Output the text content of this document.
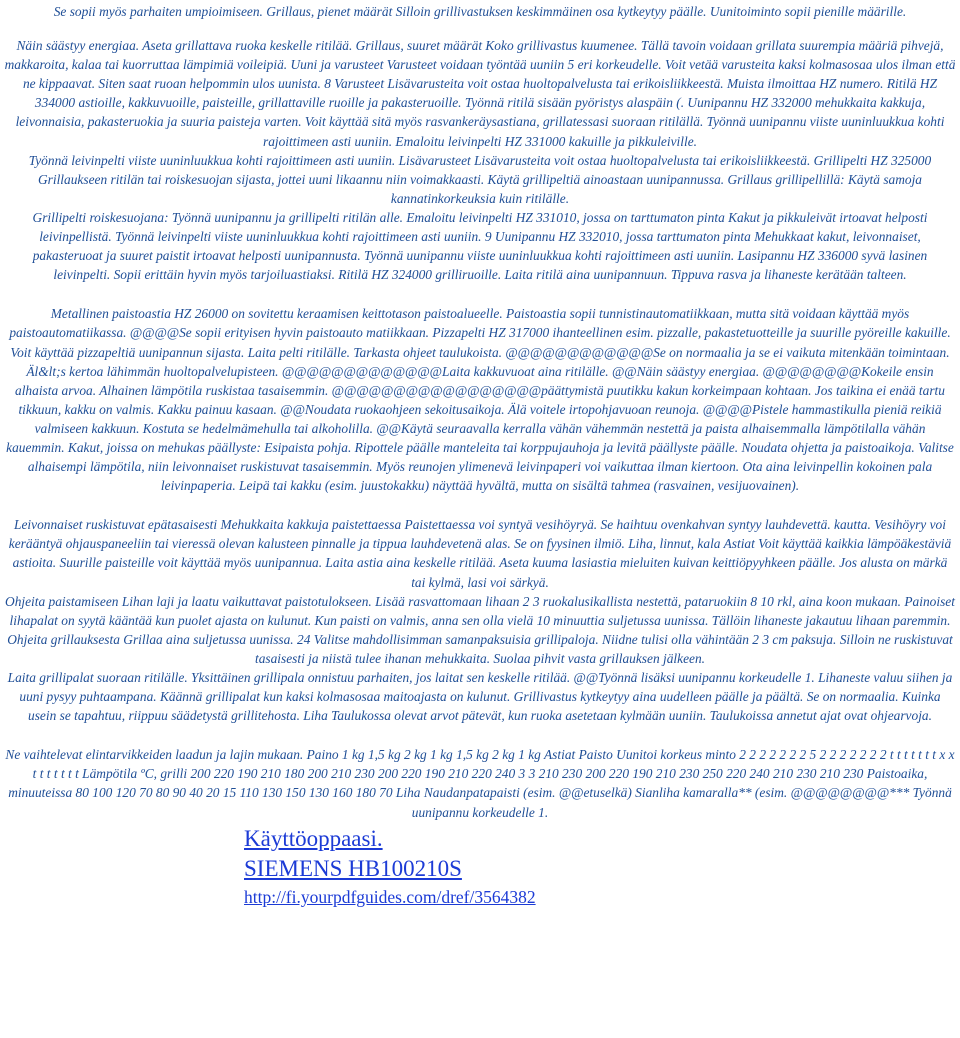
Se sopii myös parhaiten umpioimiseen. Grillaus, pienet määrät Silloin grillivastuksen keskimmäinen osa kytkeytyy päälle. Uunitoiminto sopii pienille määrille.

Näin säästyy energiaa. Aseta grillattava ruoka keskelle ritilää. Grillaus, suuret määrät Koko grillivastus kuumenee. Tällä tavoin voidaan grillata suurempia määriä pihvejä, makkaroita, kalaa tai kuorruttaa lämpimiä voileipiä. Uuni ja varusteet Varusteet voidaan työntää uuniin 5 eri korkeudelle. Voit vetää varusteita kaksi kolmasosaa ulos ilman että ne kippaavat. Siten saat ruoan helpommin ulos uunista. 8 Varusteet Lisävarusteita voit ostaa huoltopalvelusta tai erikoisliikkeestä. Muista ilmoittaa HZ numero. Ritilä HZ 334000 astioille, kakkuvuoille, paisteille, grillattaville ruoille ja pakasteruoille. Työnnä ritilä sisään pyöristys alaspäin (. Uunipannu HZ 332000 mehukkaita kakkuja, leivonnaisia, pakasteruokia ja suuria paisteja varten. Voit käyttää sitä myös rasvankeräysastiana, grillatessasi suoraan ritilällä. Työnnä uunipannu viiste uuninluukkua kohti rajoittimeen asti uuniin. Emaloitu leivinpelti HZ 331000 kakuille ja pikkuleiville.

Työnnä leivinpelti viiste uuninluukkua kohti rajoittimeen asti uuniin. Lisävarusteet Lisävarusteita voit ostaa huoltopalvelusta tai erikoisliikkeestä. Grillipelti HZ 325000 Grillaukseen ritilän tai roiskesuojan sijasta, jottei uuni likaannu niin voimakkaasti. Käytä grillipeltiä ainoastaan uunipannussa. Grillaus grillipellillä: Käytä samoja kannatinkorkeuksia kuin ritilälle.

Grillipelti roiskesuojana: Työnnä uunipannu ja grillipelti ritilän alle. Emaloitu leivinpelti HZ 331010, jossa on tarttumaton pinta Kakut ja pikkuleivät irtoavat helposti leivinpellistä. Työnnä leivinpelti viiste uuninluukkua kohti rajoittimeen asti uuniin. 9 Uunipannu HZ 332010, jossa tarttumaton pinta Mehukkaat kakut, leivonnaiset, pakasteruoat ja suuret paistit irtoavat helposti uunipannusta. Työnnä uunipannu viiste uuninluukkua kohti rajoittimeen asti uuniin. Lasipannu HZ 336000 syvä lasinen leivinpelti. Sopii erittäin hyvin myös tarjoiluastiaksi. Ritilä HZ 324000 grilliruoille. Laita ritilä aina uunipannuun. Tippuva rasva ja lihaneste kerätään talteen.

Metallinen paistoastia HZ 26000 on sovitettu keraamisen keittotason paistoalueelle. Paistoastia sopii tunnistinautomatiikkaan, mutta sitä voidaan käyttää myös paistoautomatiikassa. @@@@Se sopii erityisen hyvin paistoauto matiikkaan. Pizzapelti HZ 317000 ihanteellinen esim. pizzalle, pakastetuotteille ja suurille pyöreille kakuille. Voit käyttää pizzapeltiä uunipannun sijasta. Laita pelti ritilälle. Tarkasta ohjeet taulukoista. @@@@@@@@@@@@Se on normaalia ja se ei vaikuta mitenkään toimintaan. Äl&lt;s kertoa lähimmän huoltopalvelupisteen. @@@@@@@@@@@@@Laita kakkuvuoat aina ritilälle. @@Näin säästyy energiaa. @@@@@@@@Kokeile ensin alhaista arvoa. Alhainen lämpötila ruskistaa tasaisemmin. @@@@@@@@@@@@@@@@@päättymistä puutikku kakun korkeimpaan kohtaan. Jos taikina ei enää tartu tikkuun, kakku on valmis. Kakku painuu kasaan. @@Noudata ruokaohjeen sekoitusaikoja. Älä voitele irtopohjavuoan reunoja. @@@@Pistele hammastikulla pieniä reikiä valmiseen kakkuun. Kostuta se hedelmämehulla tai alkoholilla. @@Käytä seuraavalla kerralla vähän vähemmän nestettä ja paista alhaisemmalla lämpötilalla vähän kauemmin. Kakut, joissa on mehukas päällyste: Esipaista pohja. Ripottele päälle manteleita tai korppujauhoja ja levitä päällyste päälle. Noudata ohjetta ja paistoaikoja. Valitse alhaisempi lämpötila, niin leivonnaiset ruskistuvat tasaisemmin. Myös reunojen ylimenevä leivinpaperi voi vaikuttaa ilman kiertoon. Ota aina leivinpellin kokoinen pala leivinpaperia. Leipä tai kakku (esim. juustokakku) näyttää hyvältä, mutta on sisältä tahmea (rasvainen, vesijuovainen).

Leivonnaiset ruskistuvat epätasaisesti Mehukkaita kakkuja paistettaessa Paistettaessa voi syntyä vesihöyryä. Se haihtuu ovenkahvan syntyy lauhdevettä. kautta. Vesihöyry voi kerääntyä ohjauspaneeliin tai vieressä olevan kalusteen pinnalle ja tippua lauhdevetenä alas. Se on fyysinen ilmiö. Liha, linnut, kala Astiat Voit käyttää kaikkia lämpöäkestäviä astioita. Suurille paisteille voit käyttää myös uunipannua. Laita astia aina keskelle ritilää. Aseta kuuma lasiastia mieluiten kuivan keittiöpyyhkeen päälle. Jos alusta on märkä tai kylmä, lasi voi särkyä.

Ohjeita paistamiseen Lihan laji ja laatu vaikuttavat paistotulokseen. Lisää rasvattomaan lihaan 2 3 ruokalusikallista nestettä, pataruokiin 8 10 rkl, aina koon mukaan. Painoiset lihapalat on syytä kääntää kun puolet ajasta on kulunut. Kun paisti on valmis, anna sen olla vielä 10 minuuttia suljetussa uunissa. Tällöin lihaneste jakautuu lihaan paremmin.

Ohjeita grillauksesta Grillaa aina suljetussa uunissa. 24 Valitse mahdollisimman samanpaksuisia grillipaloja. Niidne tulisi olla vähintään 2 3 cm paksuja. Silloin ne ruskistuvat tasaisesti ja niistä tulee ihanan mehukkaita. Suolaa pihvit vasta grillauksen jälkeen.

Laita grillipalat suoraan ritilälle. Yksittäinen grillipala onnistuu parhaiten, jos laitat sen keskelle ritilää. @@Työnnä lisäksi uunipannu korkeudelle 1. Lihaneste valuu siihen ja uuni pysyy puhtaampana. Käännä grillipalat kun kaksi kolmasosaa maitoajasta on kulunut. Grillivastus kytkeytyy aina uudelleen päälle ja päältä. Se on normaalia. Kuinka usein se tapahtuu, riippuu säädetystä grillitehosta. Liha Taulukossa olevat arvot pätevät, kun ruoka asetetaan kylmään uuniin. Taulukoissa annetut ajat ovat ohjearvoja.

Ne vaihtelevat elintarvikkeiden laadun ja lajin mukaan. Paino 1 kg 1,5 kg 2 kg 1 kg 1,5 kg 2 kg 1 kg Astiat Paisto Uunitoi korkeus minto 2 2 2 2 2 2 2 5 2 2 2 2 2 2 2 t t t t t t t x x t t t t t t t Lämpötila ºC, grilli 200 220 190 210 180 200 210 230 200 220 190 210 220 240 3 3 210 230 200 220 190 210 230 250 220 240 210 230 210 230 Paistoaika, minuuteissa 80 100 120 70 80 90 40 20 15 110 130 150 130 160 180 70 Liha Naudanpatapaisti (esim. @@etuselkä) Sianliha kamaralla** (esim. @@@@@@@@*** Työnnä uunipannu korkeudelle 1.

Käyttöoppaasi.
SIEMENS HB100210S
http://fi.yourpdfguides.com/dref/3564382
